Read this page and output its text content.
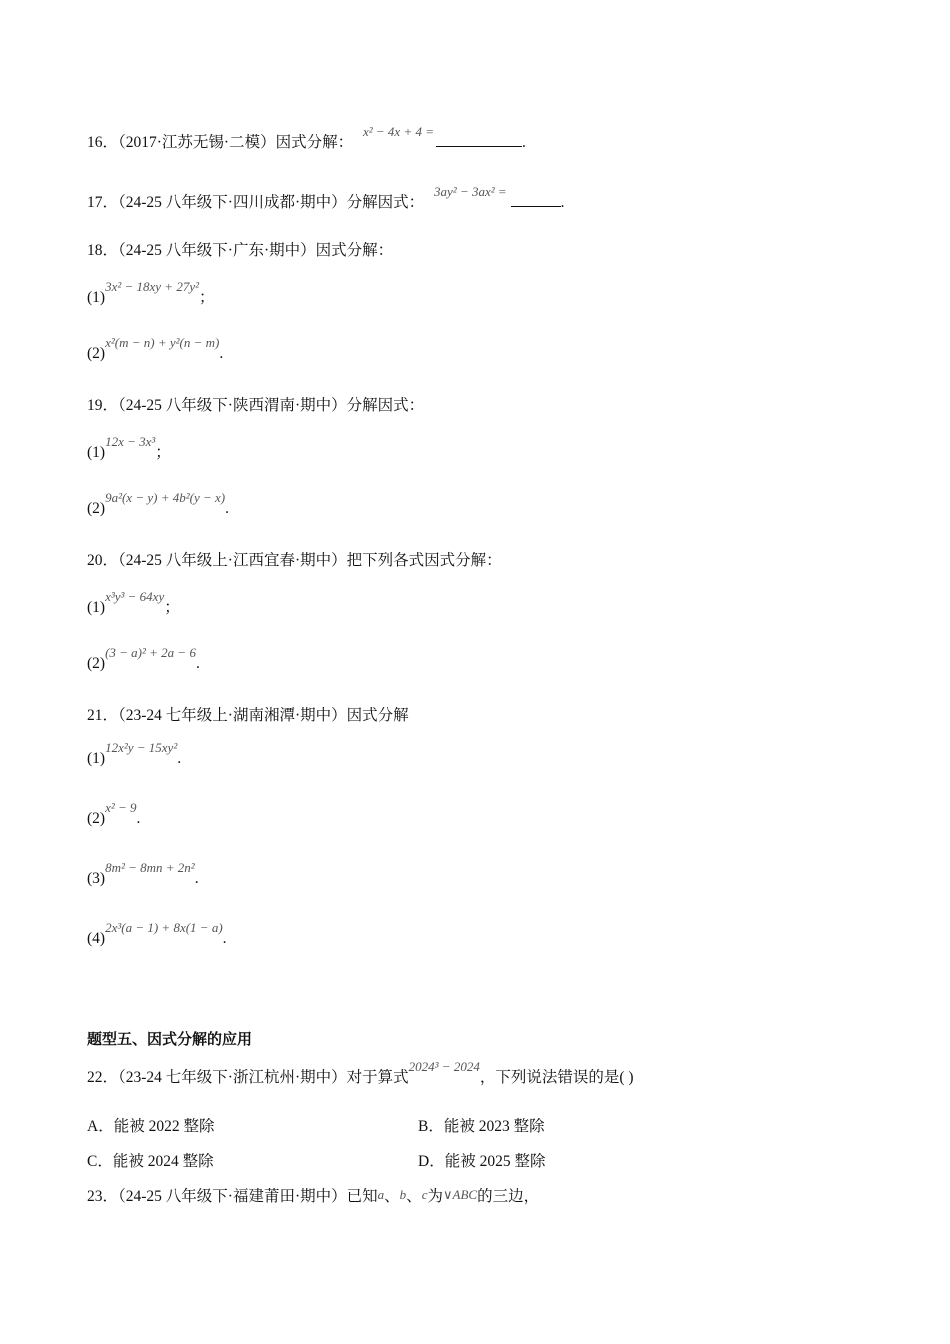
16．（2017·江苏无锡·二模）因式分解： $^{x^2 - 4x + 4 =}$.
17．（24-25 八年级下·四川成都·期中）分解因式： $^{3ay^2 - 3ax^2 =}$.
18．（24-25 八年级下·广东·期中）因式分解：
$(1)^{3x^2 - 18xy + 27y^2}$；
$(2)^{x^2(m - n) + y^2(n - m)}$.
19．（24-25 八年级下·陕西渭南·期中）分解因式：
$(1)^{12x - 3x^3}$；
$(2)^{9a^2(x - y) + 4b^2(y - x)}$.
20．（24-25 八年级上·江西宜春·期中）把下列各式因式分解：
$(1)^{x^3y^3 - 64xy}$；
$(2)^{(3 - a)^2 + 2a - 6}$.
21．（23-24 七年级上·湖南湘潭·期中）因式分解
$(1)^{12x^2y - 15xy^2}$.
$(2)^{x^2 - 9}$.
$(3)^{8m^2 - 8mn + 2n^2}$.
$(4)^{2x^3(a - 1) + 8x(1 - a)}$.
题型五、因式分解的应用
22．（23-24 七年级下·浙江杭州·期中）对于算式$^{2024^3 - 2024}$，下列说法错误的是( )
A．能被 2022 整除	B．能被 2023 整除
C．能被 2024 整除	D．能被 2025 整除
23．（24-25 八年级下·福建莆田·期中）已知a、b、c为∨ABC的三边，
